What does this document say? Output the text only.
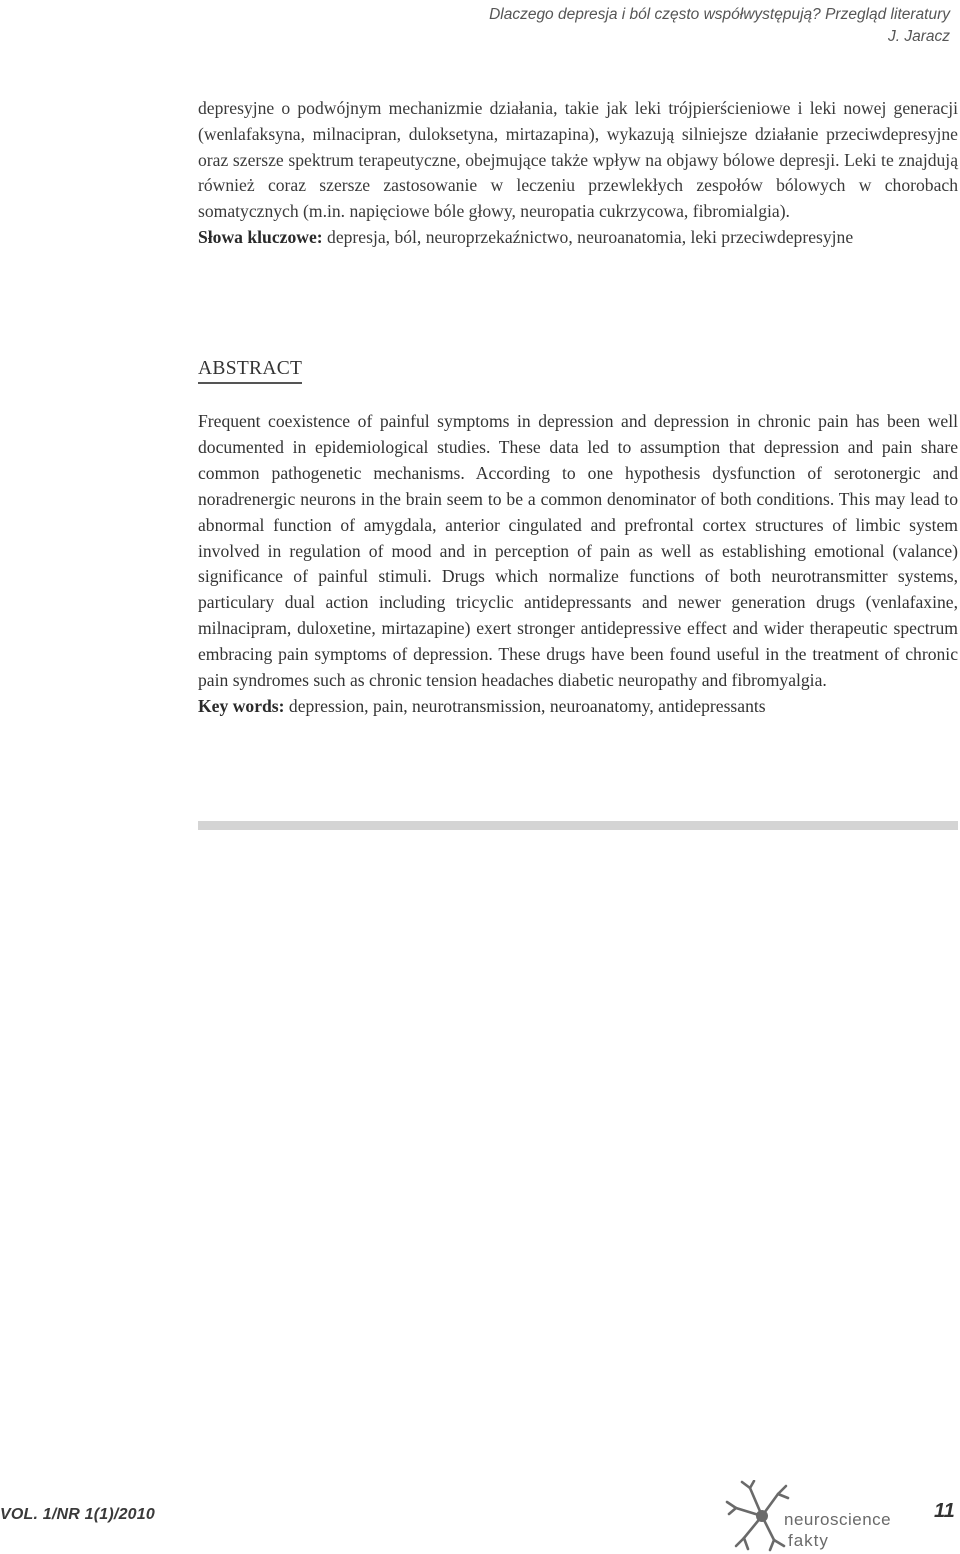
Dlaczego depresja i ból często współwystępują? Przegląd literatury
J. Jaracz

depresyjne o podwójnym mechanizmie działania, takie jak leki trójpierścieniowe i leki nowej generacji (wenlafaksyna, milnacipran, duloksetyna, mirtazapina), wykazują silniejsze działanie przeciwdepresyjne oraz szersze spektrum terapeutyczne, obejmujące także wpływ na objawy bólowe depresji. Leki te znajdują również coraz szersze zastosowanie w leczeniu przewlekłych zespołów bólowych w chorobach somatycznych (m.in. napięciowe bóle głowy, neuropatia cukrzycowa, fibromialgia).

Słowa kluczowe: depresja, ból, neuroprzekaźnictwo, neuroanatomia, leki przeciwdepresyjne

ABSTRACT

Frequent coexistence of painful symptoms in depression and depression in chronic pain has been well documented in epidemiological studies. These data led to assumption that depression and pain share common pathogenetic mechanisms. According to one hypothesis dysfunction of serotonergic and noradrenergic neurons in the brain seem to be a common denominator of both conditions. This may lead to abnormal function of amygdala, anterior cingulated and prefrontal cortex structures of limbic system involved in regulation of mood and in perception of pain as well as establishing emotional (valance) significance of painful stimuli. Drugs which normalize functions of both neurotransmitter systems, particulary dual action including tricyclic antidepressants and newer generation drugs (venlafaxine, milnacipram, duloxetine, mirtazapine) exert stronger antidepressive effect and wider therapeutic spectrum embracing pain symptoms of depression. These drugs have been found useful in the treatment of chronic pain syndromes such as chronic tension headaches diabetic neuropathy and fibromyalgia.

Key words: depression, pain, neurotransmission, neuroanatomy, antidepressants

VOL. 1/NR 1(1)/2010	neuroscience
fakty
11
